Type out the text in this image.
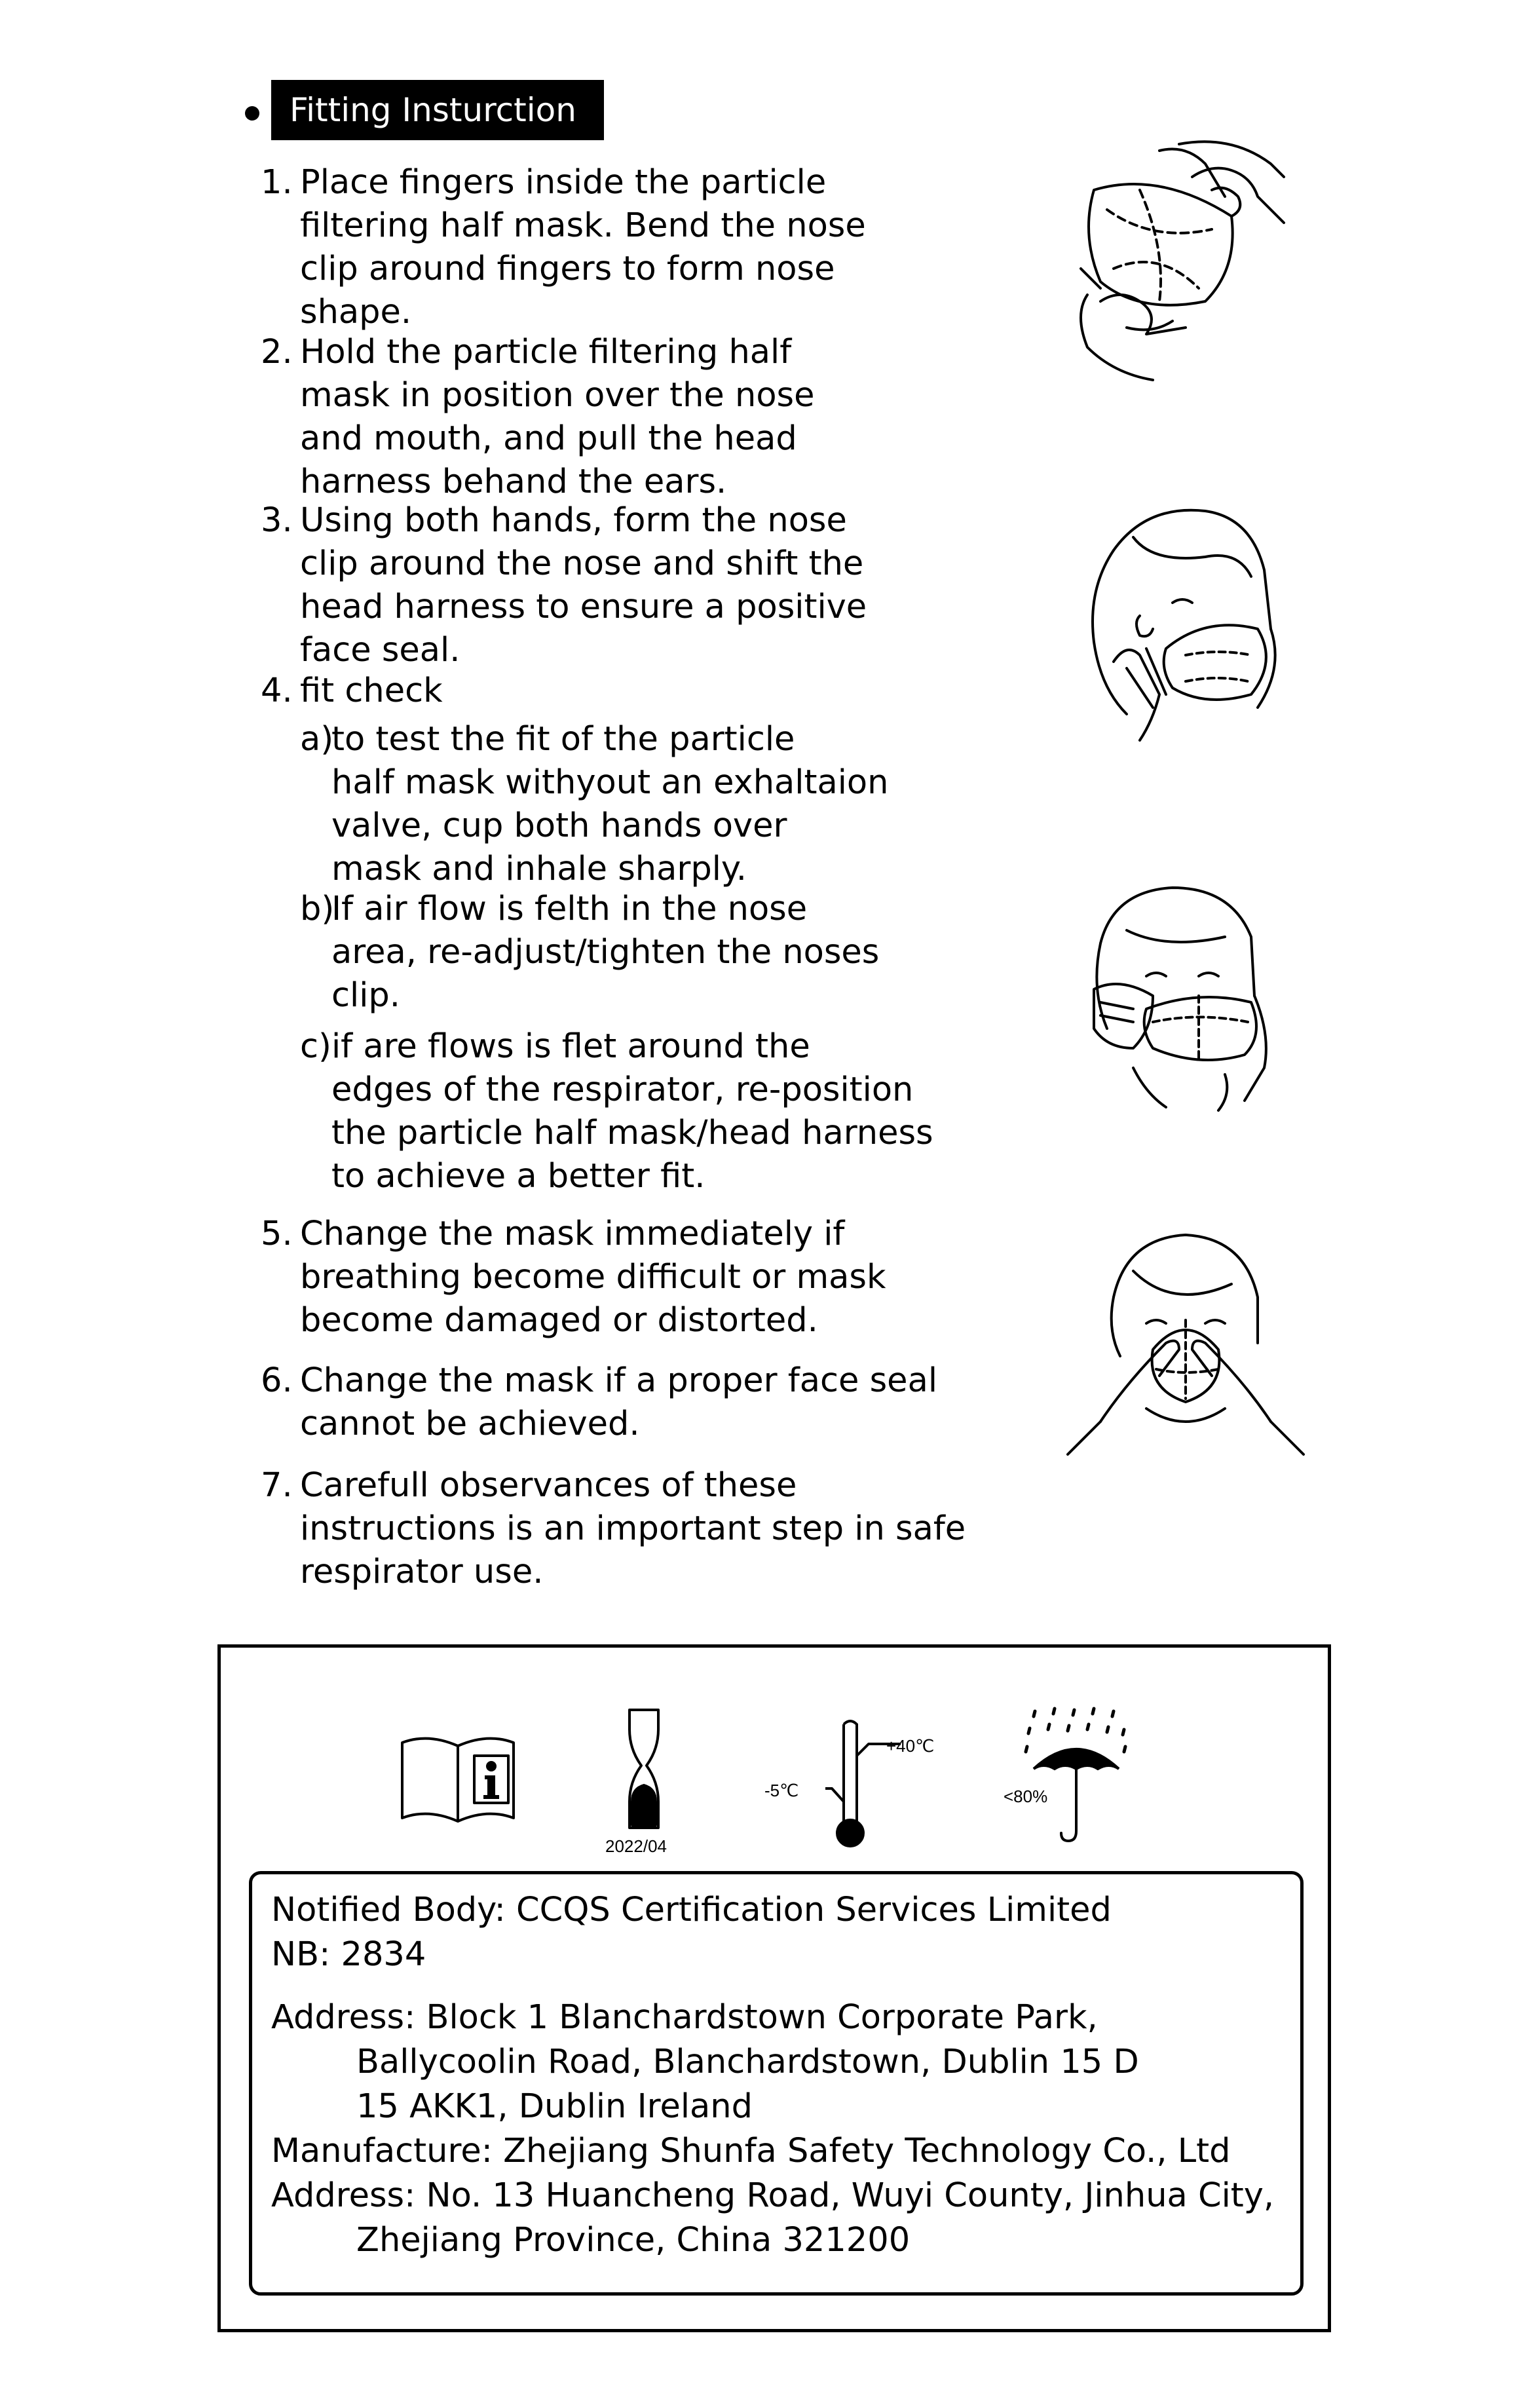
Fitting Insturction
1. Place fingers inside the particle
filtering half mask. Bend the nose
clip around fingers to form nose
shape.
2. Hold the particle filtering half
mask in position over the nose
and mouth, and pull the head
harness behand the ears.
3. Using both hands, form the nose
clip around the nose and shift the
head harness to ensure a positive
face seal.
4. fit check
a)
to test the fit of the particle
half mask withyout an exhaltaion
valve, cup both hands over
mask and inhale sharply.
b)
If air flow is felth in the nose
area, re-adjust/tighten the noses
clip.
c) if are flows is flet around the
edges of the respirator, re-position
the particle half mask/head harness
to achieve a better fit.
5. Change the mask immediately if
breathing become difficult or mask
become damaged or distorted.
6. Change the mask if a proper face seal
cannot be achieved.
7. Carefull observances of these
instructions is an important step in safe
respirator use.
2022/04
+40℃
-5℃	<80%
Notified Body: CCQS Certification Services Limited
NB: 2834
Address: Block 1 Blanchardstown Corporate Park,
Ballycoolin Road, Blanchardstown, Dublin 15 D
15 AKK1, Dublin Ireland
Manufacture: Zhejiang Shunfa Safety Technology Co., Ltd
Address: No. 13 Huancheng Road, Wuyi County, Jinhua City,
Zhejiang Province, China 321200
